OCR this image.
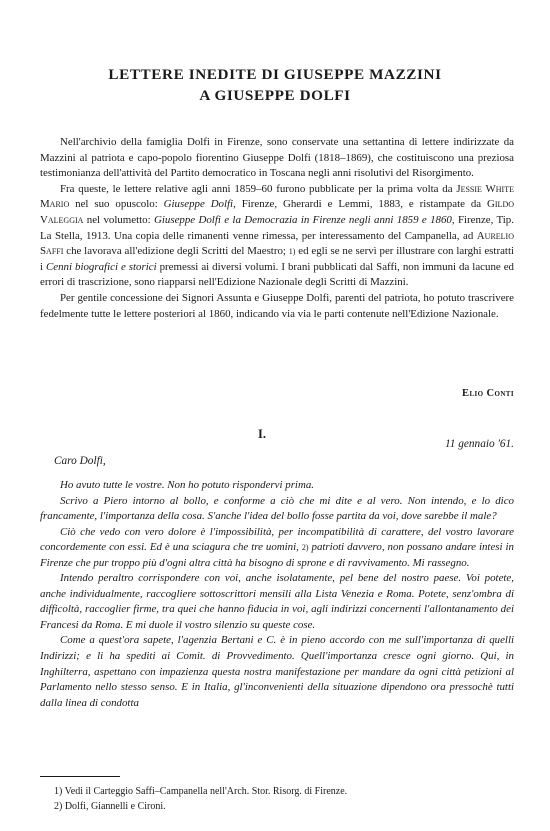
LETTERE INEDITE DI GIUSEPPE MAZZINI
A GIUSEPPE DOLFI

Nell'archivio della famiglia Dolfi in Firenze, sono conservate una settantina di lettere indirizzate da Mazzini al patriota e capo-popolo fiorentino Giuseppe Dolfi (1818–1869), che costituiscono una preziosa testimonianza dell'attività del Partito democratico in Toscana negli anni risolutivi del Risorgimento.

Fra queste, le lettere relative agli anni 1859–60 furono pubblicate per la prima volta da Jessie White Mario nel suo opuscolo: Giuseppe Dolfi, Firenze, Gherardi e Lemmi, 1883, e ristampate da Gildo Valeggia nel volumetto: Giuseppe Dolfi e la Democrazia in Firenze negli anni 1859 e 1860, Firenze, Tip. La Stella, 1913. Una copia delle rimanenti venne rimessa, per interessamento del Campanella, ad Aurelio Saffi che lavorava all'edizione degli Scritti del Maestro; 1) ed egli se ne servì per illustrare con larghi estratti i Cenni biografici e storici premessi ai diversi volumi. I brani pubblicati dal Saffi, non immuni da lacune ed errori di trascrizione, sono riapparsi nell'Edizione Nazionale degli Scritti di Mazzini.

Per gentile concessione dei Signori Assunta e Giuseppe Dolfi, parenti del patriota, ho potuto trascrivere fedelmente tutte le lettere posteriori al 1860, indicando via via le parti contenute nell'Edizione Nazionale.

Elio Conti
I.
11 gennaio '61.
Caro Dolfi,

Ho avuto tutte le vostre. Non ho potuto rispondervi prima.

Scrivo a Piero intorno al bollo, e conforme a ciò che mi dite e al vero. Non intendo, e lo dico francamente, l'importanza della cosa. S'anche l'idea del bollo fosse partita da voi, dove sarebbe il male?

Ciò che vedo con vero dolore è l'impossibilità, per incompatibilità di carattere, del vostro lavorare concordemente con essi. Ed è una sciagura che tre uomini, 2) patrioti davvero, non possano andare intesi in Firenze che pur troppo più d'ogni altra città ha bisogno di sprone e di ravvivamento. Mi rassegno.

Intendo peraltro corrispondere con voi, anche isolatamente, pel bene del nostro paese. Voi potete, anche individualmente, raccogliere sottoscrittori mensili alla Lista Venezia e Roma. Potete, senz'ombra di difficoltà, raccoglier firme, tra quei che hanno fiducia in voi, agli indirizzi concernenti l'allontanamento dei Francesi da Roma. E mi duole il vostro silenzio su queste cose.

Come a quest'ora sapete, l'agenzia Bertani e C. è in pieno accordo con me sull'importanza di quelli Indirizzi; e li ha spediti ai Comit. di Provvedimento. Quell'importanza cresce ogni giorno. Qui, in Inghilterra, aspettano con impazienza questa nostra manifestazione per mandare da ogni città petizioni al Parlamento nello stesso senso. E in Italia, gl'inconvenienti della situazione dipendono ora pressochè tutti dalla linea di condotta

1) Vedi il Carteggio Saffi–Campanella nell'Arch. Stor. Risorg. di Firenze.
2) Dolfi, Giannelli e Cironi.
